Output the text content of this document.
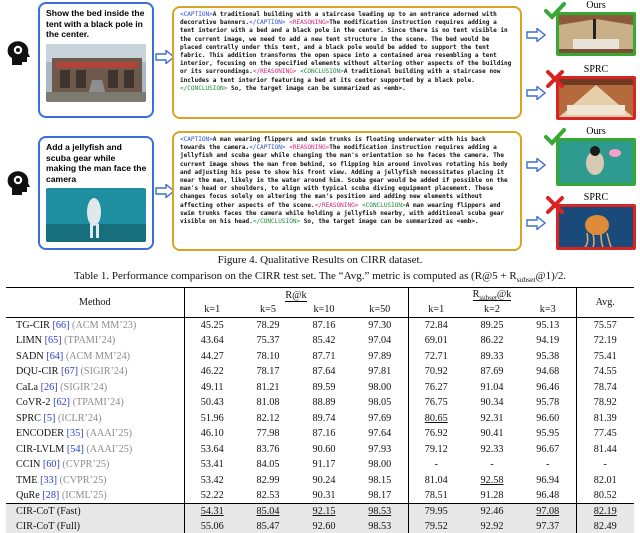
Show the bed inside the tent with a black pole in the center.
<CAPTION>A traditional building with a staircase leading up to an entrance adorned with decorative banners.</CAPTION> <REASONING>The modification instruction requires adding a tent interior with a bed and a black pole in the center. Since there is no tent visible in the current image, we need to add a new tent structure in the scene. The bed would be placed centrally under this tent, and a black pole would be added to support the tent fabric. This addition transforms the open space into a contained area resembling a tent interior, focusing on the specified elements without altering other aspects of the building or its surroundings.</REASONING> <CONCLUSION>A traditional building with a staircase now includes a tent interior featuring a bed at its center supported by a black pole.</CONCLUSION> So, the target image can be summarized as <emb>.
Ours
SPRC
Add a jellyfish and scuba gear while making the man face the camera
<CAPTION>A man wearing flippers and swim trunks is floating underwater with his back towards the camera.</CAPTION> <REASONING>The modification instruction requires adding a jellyfish and scuba gear while changing the man's orientation so he faces the camera. The current image shows the man from behind, so flipping him around involves rotating his body and adjusting his pose to show his front view. Adding a jellyfish necessitates placing it near the man, likely in the water around him. Scuba gear would be added if possible on the man's head or shoulders, to align with typical scuba diving equipment placement. These changes focus solely on altering the man's position and adding new elements without affecting other aspects of the scene.</REASONING> <CONCLUSION>A man wearing flippers and swim trunks faces the camera while holding a jellyfish nearby, with additional scuba gear visible on his head.</CONCLUSION> So, the target image can be summarized as <emb>.
Ours
SPRC
Figure 4. Qualitative Results on CIRR dataset.
Table 1. Performance comparison on the CIRR test set. The “Avg.” metric is computed as (R@5 + $R_{subset}@1)/2$.
Method	R@k				$R_{subset}@k$			Avg.
	k=1	k=5	k=10	k=50	k=1	k=2	k=3	
TG-CIR [66] (ACM MM’23)	45.25	78.29	87.16	97.30	72.84	89.25	95.13	75.57
LIMN [65] (TPAMI’24)	43.64	75.37	85.42	97.04	69.01	86.22	94.19	72.19
SADN [64] (ACM MM’24)	44.27	78.10	87.71	97.89	72.71	89.33	95.38	75.41
DQU-CIR [67] (SIGIR’24)	46.22	78.17	87.64	97.81	70.92	87.69	94.68	74.55
CaLa [26] (SIGIR’24)	49.11	81.21	89.59	98.00	76.27	91.04	96.46	78.74
CoVR-2 [62] (TPAMI’24)	50.43	81.08	88.89	98.05	76.75	90.34	95.78	78.92
SPRC [5] (ICLR’24)	51.96	82.12	89.74	97.69	80.65	92.31	96.60	81.39
ENCODER [35] (AAAI’25)	46.10	77.98	87.16	97.64	76.92	90.41	95.95	77.45
CIR-LVLM [54] (AAAI’25)	53.64	83.76	90.60	97.93	79.12	92.33	96.67	81.44
CCIN [60] (CVPR’25)	53.41	84.05	91.17	98.00	-	-	-	-
TME [33] (CVPR’25)	53.42	82.99	90.24	98.15	81.04	92.58	96.94	82.01
QuRe [28] (ICML’25)	52.22	82.53	90.31	98.17	78.51	91.28	96.48	80.52
CIR-CoT (Fast)	54.31	85.04	92.15	98.53	79.95	92.46	97.08	82.19
CIR-CoT (Full)	55.06	85.47	92.60	98.53	79.52	92.92	97.37	82.49
